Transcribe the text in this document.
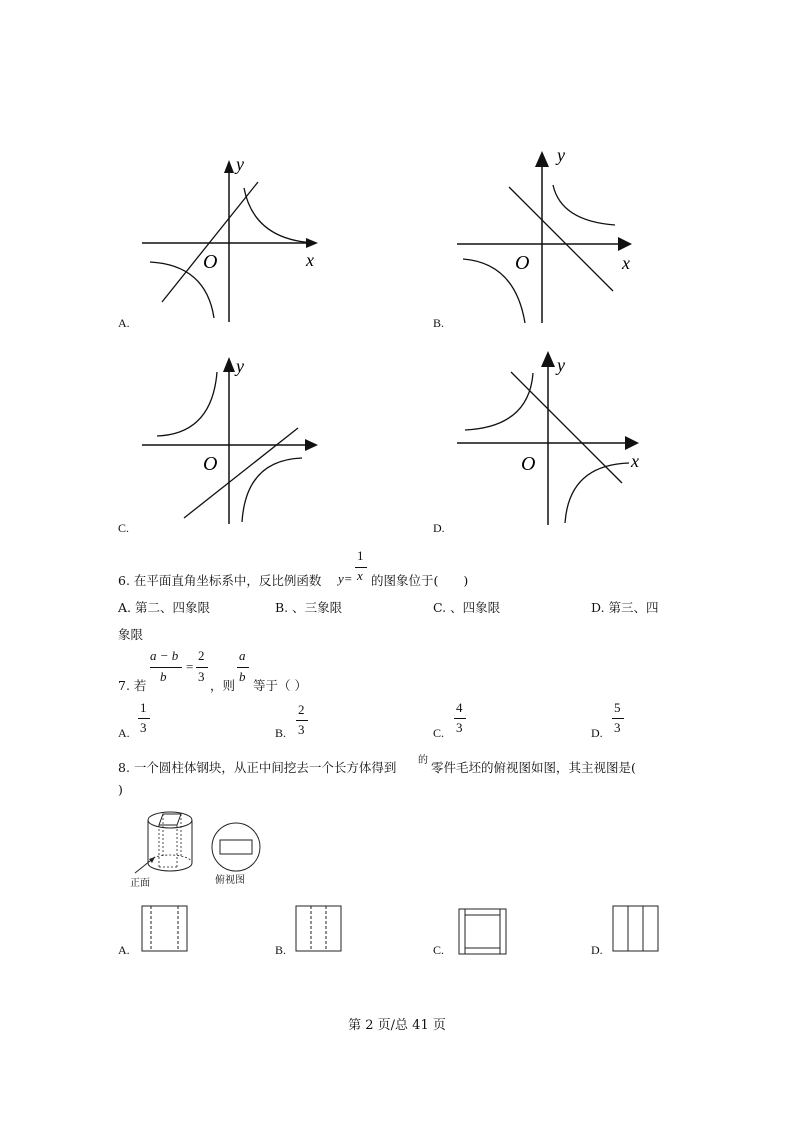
y
x
O
A.
y
x
O
B.
y
O
C.
y
x
O
D.
6. 在平面直角坐标系中，反比例函数
1
x
y= 的图象位于(　　)
A. 第二、四象限	B. 、三象限	C. 、四象限	D. 第三、四
象限
7. 若
a − b
b
=
2
3
，则
a
b
等于（ ）
A.
1
3	B.
2
3	C.
4
3	D.
5
3
8. 一个圆柱体钢块，从正中间挖去一个长方体得到 的 零件毛坯的俯视图如图，其主视图是(
)
正面	俯视图
A.	B.	C.	D.
第 2 页/总 41 页
